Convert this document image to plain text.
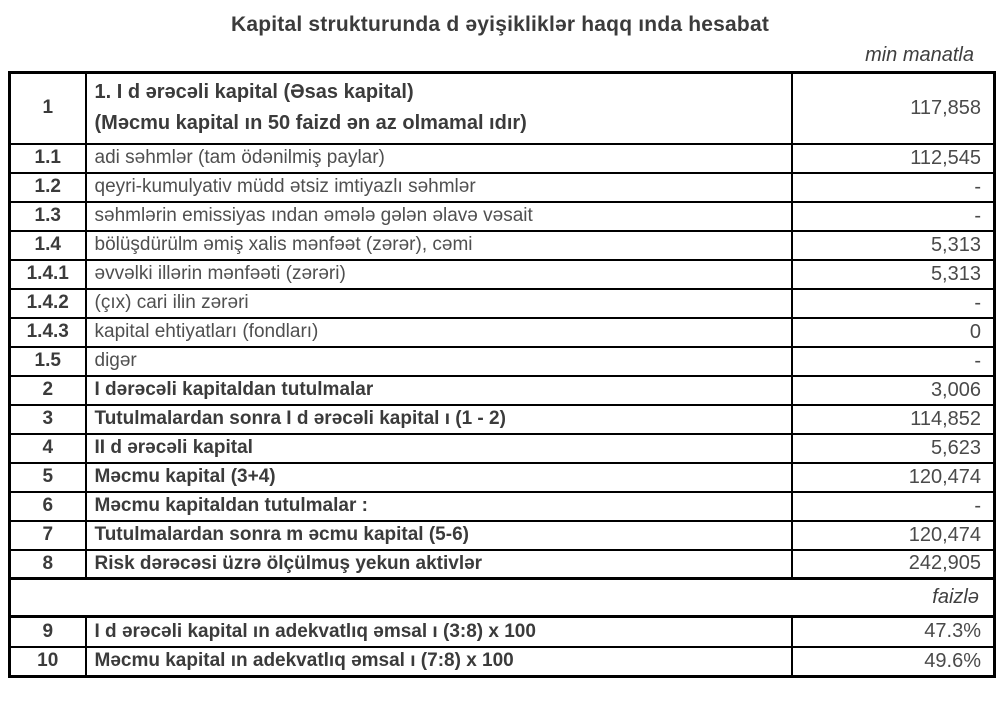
Kapital strukturunda d əyişikliklər haqq ında hesabat
min manatla
1	1. I d ərəcəli kapital (Əsas kapital)
(Məcmu kapital ın 50 faizd ən az olmamal ıdır)	117,858
1.1	adi səhmlər (tam ödənilmiş paylar)	112,545
1.2	qeyri-kumulyativ müdd ətsiz imtiyazlı səhmlər	-
1.3	səhmlərin emissiyas ından əmələ gələn əlavə vəsait	-
1.4	bölüşdürülm əmiş xalis mənfəət (zərər), cəmi	5,313
1.4.1	əvvəlki illərin mənfəəti (zərəri)	5,313
1.4.2	(çıx) cari ilin zərəri	-
1.4.3	kapital ehtiyatları (fondları)	0
1.5	digər	-
2	I dərəcəli kapitaldan tutulmalar	3,006
3	Tutulmalardan sonra I d ərəcəli kapital ı (1 - 2)	114,852
4	II d ərəcəli kapital	5,623
5	Məcmu kapital (3+4)	120,474
6	Məcmu kapitaldan tutulmalar :	-
7	Tutulmalardan sonra m əcmu kapital (5-6)	120,474
8	Risk dərəcəsi üzrə ölçülmuş yekun aktivlər	242,905
faizlə		
9	I d ərəcəli kapital ın adekvatlıq əmsal ı (3:8) x 100	47.3%
10	Məcmu kapital ın adekvatlıq əmsal ı (7:8) x 100	49.6%
